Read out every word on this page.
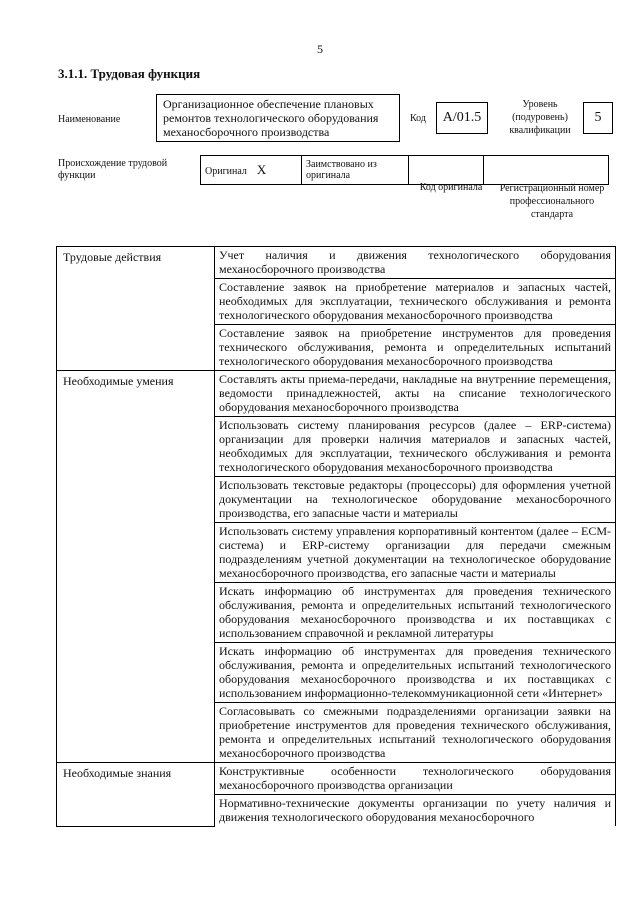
5
3.1.1. Трудовая функция
Наименование
Организационное обеспечение плановых ремонтов технологического оборудования механосборочного производства
Код	А/01.5
Уровень (подуровень) квалификации
5
Происхождение трудовой функции	Оригинал X	Заимствовано из оригинала		
Код оригинала	Регистрационный номер профессионального стандарта
Трудовые действия	Учет наличия и движения технологического оборудования механосборочного производства
	Составление заявок на приобретение материалов и запасных частей, необходимых для эксплуатации, технического обслуживания и ремонта технологического оборудования механосборочного производства
	Составление заявок на приобретение инструментов для проведения технического обслуживания, ремонта и определительных испытаний технологического оборудования механосборочного производства
Необходимые умения	Составлять акты приема-передачи, накладные на внутренние перемещения, ведомости принадлежностей, акты на списание технологического оборудования механосборочного производства
	Использовать систему планирования ресурсов (далее – ERP-система) организации для проверки наличия материалов и запасных частей, необходимых для эксплуатации, технического обслуживания и ремонта технологического оборудования механосборочного производства
	Использовать текстовые редакторы (процессоры) для оформления учетной документации на технологическое оборудование механосборочного производства, его запасные части и материалы
	Использовать систему управления корпоративный контентом (далее – ЕСМ-система) и ERP-систему организации для передачи смежным подразделениям учетной документации на технологическое оборудование механосборочного производства, его запасные части и материалы
	Искать информацию об инструментах для проведения технического обслуживания, ремонта и определительных испытаний технологического оборудования механосборочного производства и их поставщиках с использованием справочной и рекламной литературы
	Искать информацию об инструментах для проведения технического обслуживания, ремонта и определительных испытаний технологического оборудования механосборочного производства и их поставщиках с использованием информационно-телекоммуникационной сети «Интернет»
	Согласовывать со смежными подразделениями организации заявки на приобретение инструментов для проведения технического обслуживания, ремонта и определительных испытаний технологического оборудования механосборочного производства
Необходимые знания	Конструктивные особенности технологического оборудования механосборочного производства организации
	Нормативно-технические документы организации по учету наличия и движения технологического оборудования механосборочного
